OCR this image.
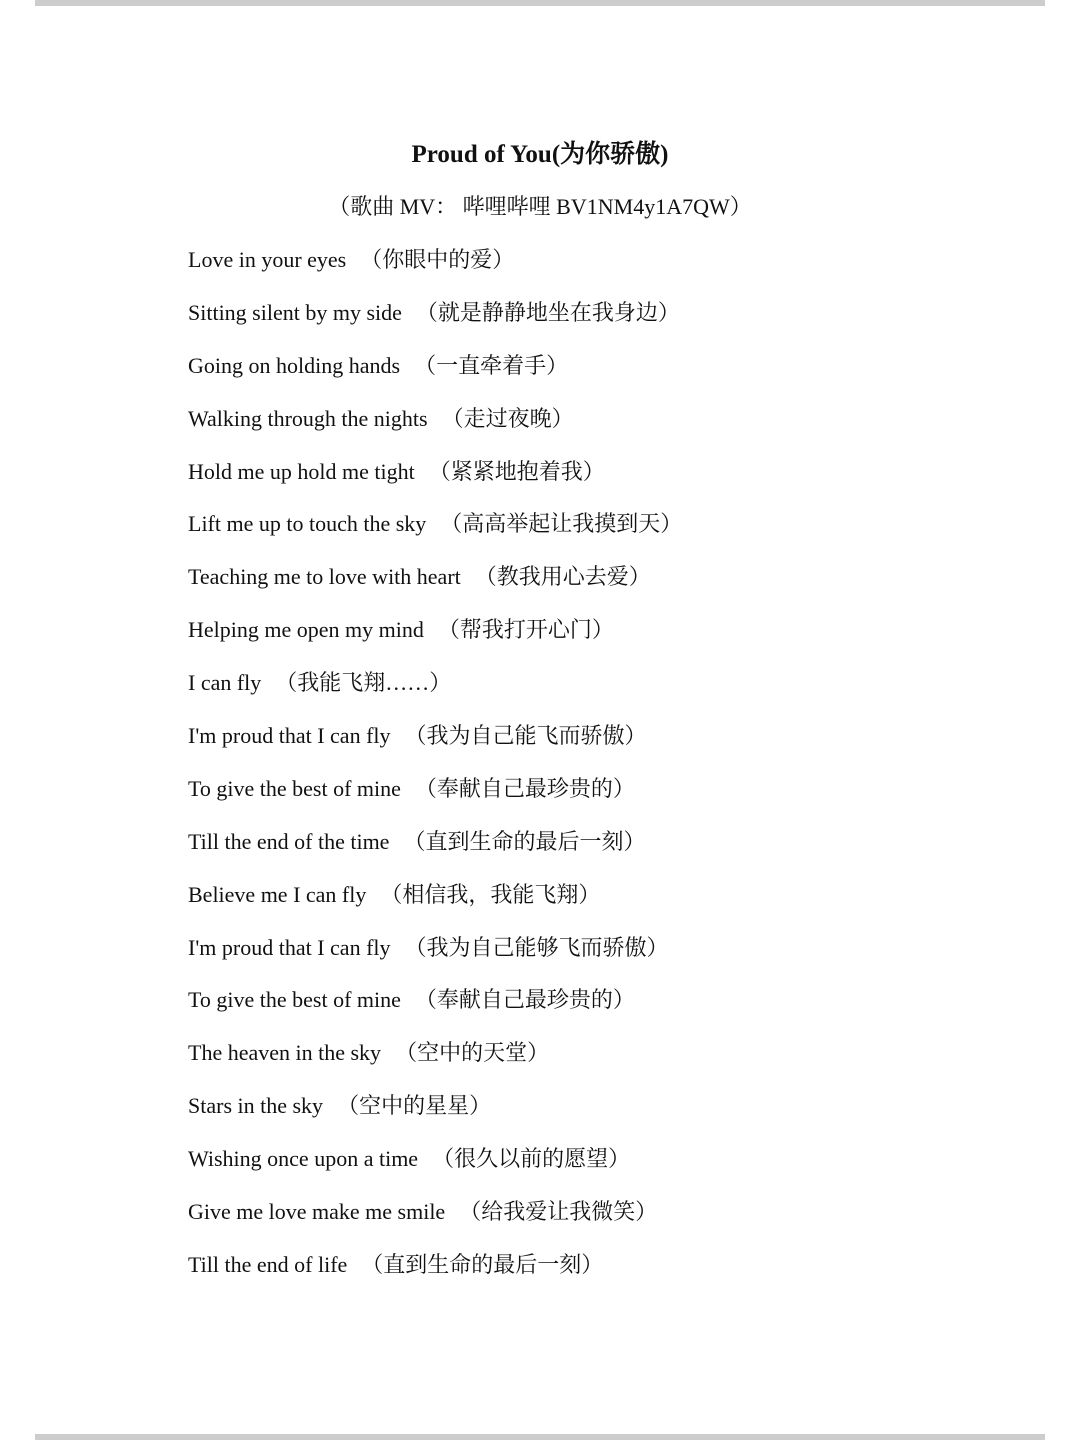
Proud of You(为你骄傲)
（歌曲 MV： 哔哩哔哩 BV1NM4y1A7QW）
Love in your eyes （你眼中的爱）
Sitting silent by my side （就是静静地坐在我身边）
Going on holding hands （一直牵着手）
Walking through the nights （走过夜晚）
Hold me up hold me tight （紧紧地抱着我）
Lift me up to touch the sky （高高举起让我摸到天）
Teaching me to love with heart （教我用心去爱）
Helping me open my mind （帮我打开心门）
I can fly （我能飞翔……）
I'm proud that I can fly （我为自己能飞而骄傲）
To give the best of mine （奉献自己最珍贵的）
Till the end of the time （直到生命的最后一刻）
Believe me I can fly （相信我，我能飞翔）
I'm proud that I can fly （我为自己能够飞而骄傲）
To give the best of mine （奉献自己最珍贵的）
The heaven in the sky （空中的天堂）
Stars in the sky （空中的星星）
Wishing once upon a time （很久以前的愿望）
Give me love make me smile （给我爱让我微笑）
Till the end of life （直到生命的最后一刻）
